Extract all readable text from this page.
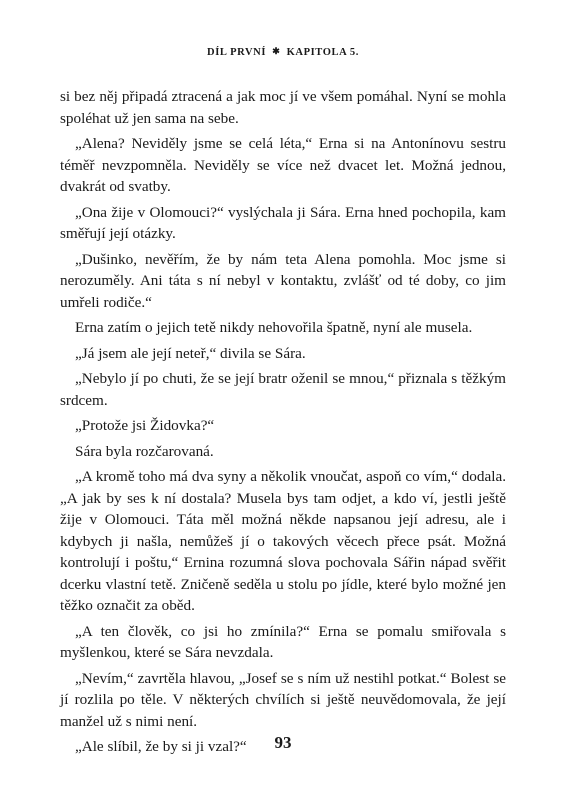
DÍL PRVNÍ ✱ KAPITOLA 5.

si bez něj připadá ztracená a jak moc jí ve všem pomáhal. Nyní se mohla spoléhat už jen sama na sebe.

„Alena? Neviděly jsme se celá léta,“ Erna si na Antonínovu sestru téměř nevzpomněla. Neviděly se více než dvacet let. Možná jednou, dvakrát od svatby.

„Ona žije v Olomouci?“ vyslýchala ji Sára. Erna hned pochopila, kam směřují její otázky.

„Dušinko, nevěřím, že by nám teta Alena pomohla. Moc jsme si nerozuměly. Ani táta s ní nebyl v kontaktu, zvlášť od té doby, co jim umřeli rodiče.“

Erna zatím o jejich tetě nikdy nehovořila špatně, nyní ale musela.

„Já jsem ale její neteř,“ divila se Sára.

„Nebylo jí po chuti, že se její bratr oženil se mnou,“ přiznala s těžkým srdcem.

„Protože jsi Židovka?“

Sára byla rozčarovaná.

„A kromě toho má dva syny a několik vnoučat, aspoň co vím,“ dodala. „A jak by ses k ní dostala? Musela bys tam odjet, a kdo ví, jestli ještě žije v Olomouci. Táta měl možná někde napsanou její adresu, ale i kdybych ji našla, nemůžeš jí o takových věcech přece psát. Možná kontrolují i poštu,“ Ernina rozumná slova pochovala Sářin nápad svěřit dcerku vlastní tetě. Zničeně seděla u stolu po jídle, které bylo možné jen těžko označit za oběd.

„A ten člověk, co jsi ho zmínila?“ Erna se pomalu smiřovala s myšlenkou, které se Sára nevzdala.

„Nevím,“ zavrtěla hlavou, „Josef se s ním už nestihl potkat.“ Bolest se jí rozlila po těle. V některých chvílích si ještě neuvědomovala, že její manžel už s nimi není.

„Ale slíbil, že by si ji vzal?“	93
